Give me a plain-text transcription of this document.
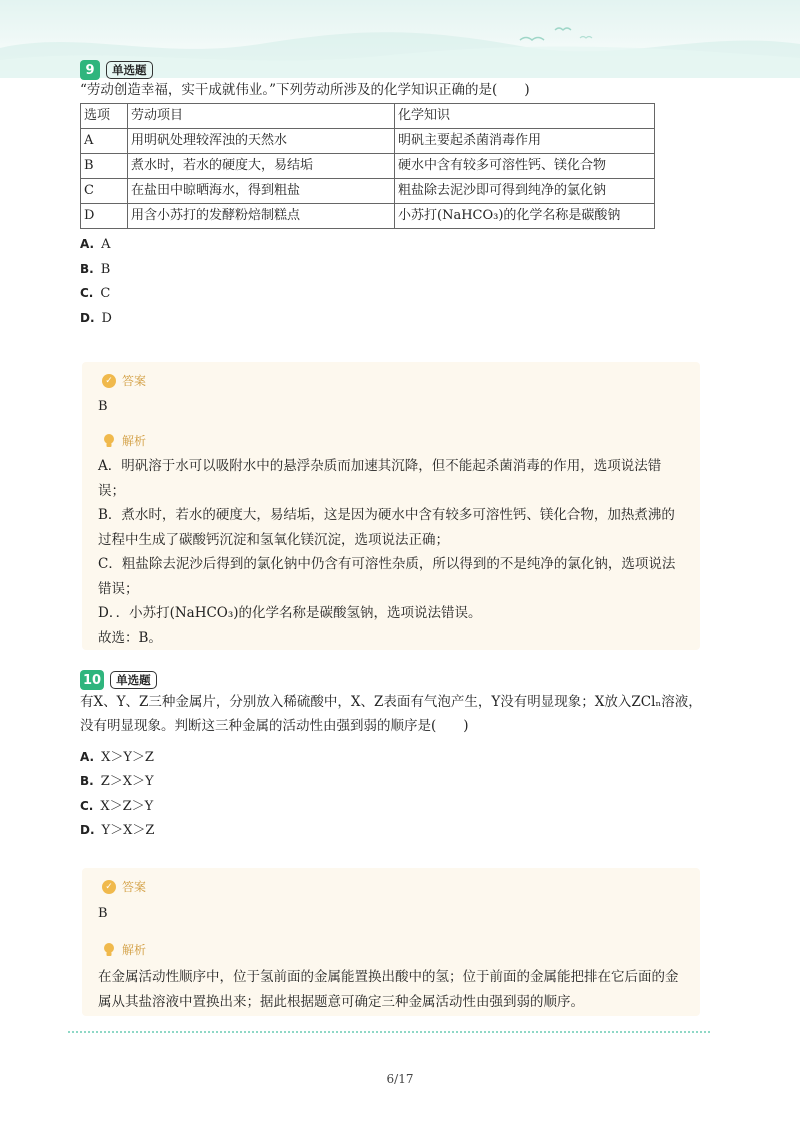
9	单选题
“劳动创造幸福，实干成就伟业。”下列劳动所涉及的化学知识正确的是(　　)
选项	劳动项目	化学知识
A	用明矾处理较浑浊的天然水	明矾主要起杀菌消毒作用
B	煮水时，若水的硬度大，易结垢	硬水中含有较多可溶性钙、镁化合物
C	在盐田中晾晒海水，得到粗盐	粗盐除去泥沙即可得到纯净的氯化钠
D	用含小苏打的发酵粉焙制糕点	小苏打(NaHCO₃)的化学名称是碳酸钠
A. A
B. B
C. C
D. D
✓ 答案
B
解析

A．明矾溶于水可以吸附水中的悬浮杂质而加速其沉降，但不能起杀菌消毒的作用，选项说法错误；

B．煮水时，若水的硬度大，易结垢，这是因为硬水中含有较多可溶性钙、镁化合物，加热煮沸的过程中生成了碳酸钙沉淀和氢氧化镁沉淀，选项说法正确；

C．粗盐除去泥沙后得到的氯化钠中仍含有可溶性杂质，所以得到的不是纯净的氯化钠，选项说法错误；

D．．小苏打(NaHCO₃)的化学名称是碳酸氢钠，选项说法错误。

故选：B。

10	单选题
有X、Y、Z三种金属片，分别放入稀硫酸中，X、Z表面有气泡产生，Y没有明显现象；X放入ZClₙ溶液，没有明显现象。判断这三种金属的活动性由强到弱的顺序是(　　)
A. X＞Y＞Z
B. Z＞X＞Y
C. X＞Z＞Y
D. Y＞X＞Z
✓ 答案
B
解析

在金属活动性顺序中，位于氢前面的金属能置换出酸中的氢；位于前面的金属能把排在它后面的金属从其盐溶液中置换出来；据此根据题意可确定三种金属活动性由强到弱的顺序。

6/17
